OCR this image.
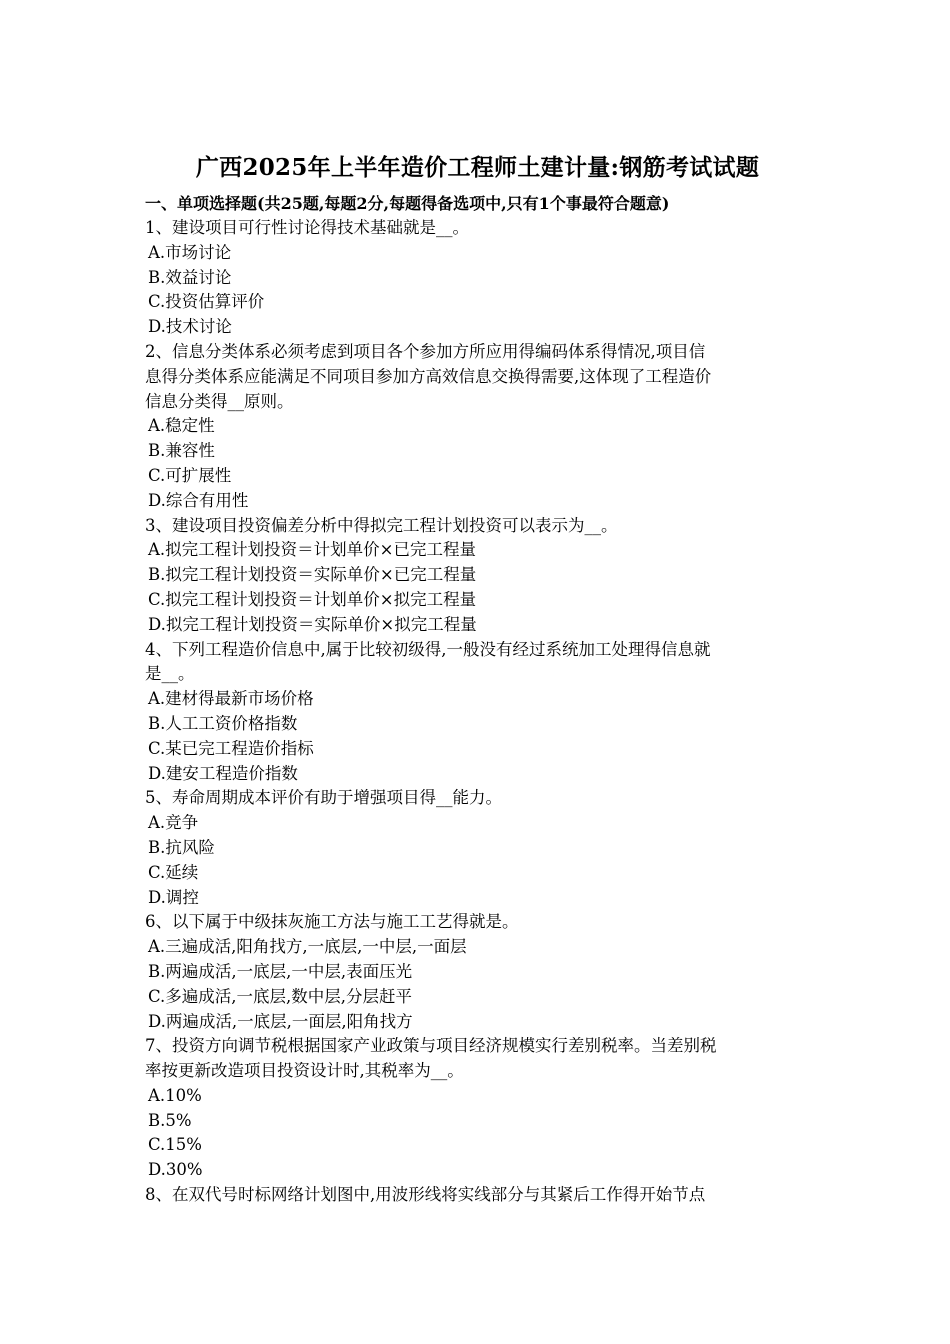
广西2025年上半年造价工程师土建计量:钢筋考试试题

一、单项选择题(共25题,每题2分,每题得备选项中,只有1个事最符合题意)

1、建设项目可行性讨论得技术基础就是__。

A.市场讨论

B.效益讨论

C.投资估算评价

D.技术讨论

2、信息分类体系必须考虑到项目各个参加方所应用得编码体系得情况,项目信

息得分类体系应能满足不同项目参加方高效信息交换得需要,这体现了工程造价

信息分类得__原则。

A.稳定性

B.兼容性

C.可扩展性

D.综合有用性

3、建设项目投资偏差分析中得拟完工程计划投资可以表示为__。

A.拟完工程计划投资＝计划单价×已完工程量

B.拟完工程计划投资＝实际单价×已完工程量

C.拟完工程计划投资＝计划单价×拟完工程量

D.拟完工程计划投资＝实际单价×拟完工程量

4、下列工程造价信息中,属于比较初级得,一般没有经过系统加工处理得信息就

是__。

A.建材得最新市场价格

B.人工工资价格指数

C.某已完工程造价指标

D.建安工程造价指数

5、寿命周期成本评价有助于增强项目得__能力。

A.竞争

B.抗风险

C.延续

D.调控

6、以下属于中级抹灰施工方法与施工工艺得就是。

A.三遍成活,阳角找方,一底层,一中层,一面层

B.两遍成活,一底层,一中层,表面压光

C.多遍成活,一底层,数中层,分层赶平

D.两遍成活,一底层,一面层,阳角找方

7、投资方向调节税根据国家产业政策与项目经济规模实行差别税率。当差别税

率按更新改造项目投资设计时,其税率为__。

A.10%

B.5%

C.15%

D.30%

8、在双代号时标网络计划图中,用波形线将实线部分与其紧后工作得开始节点
